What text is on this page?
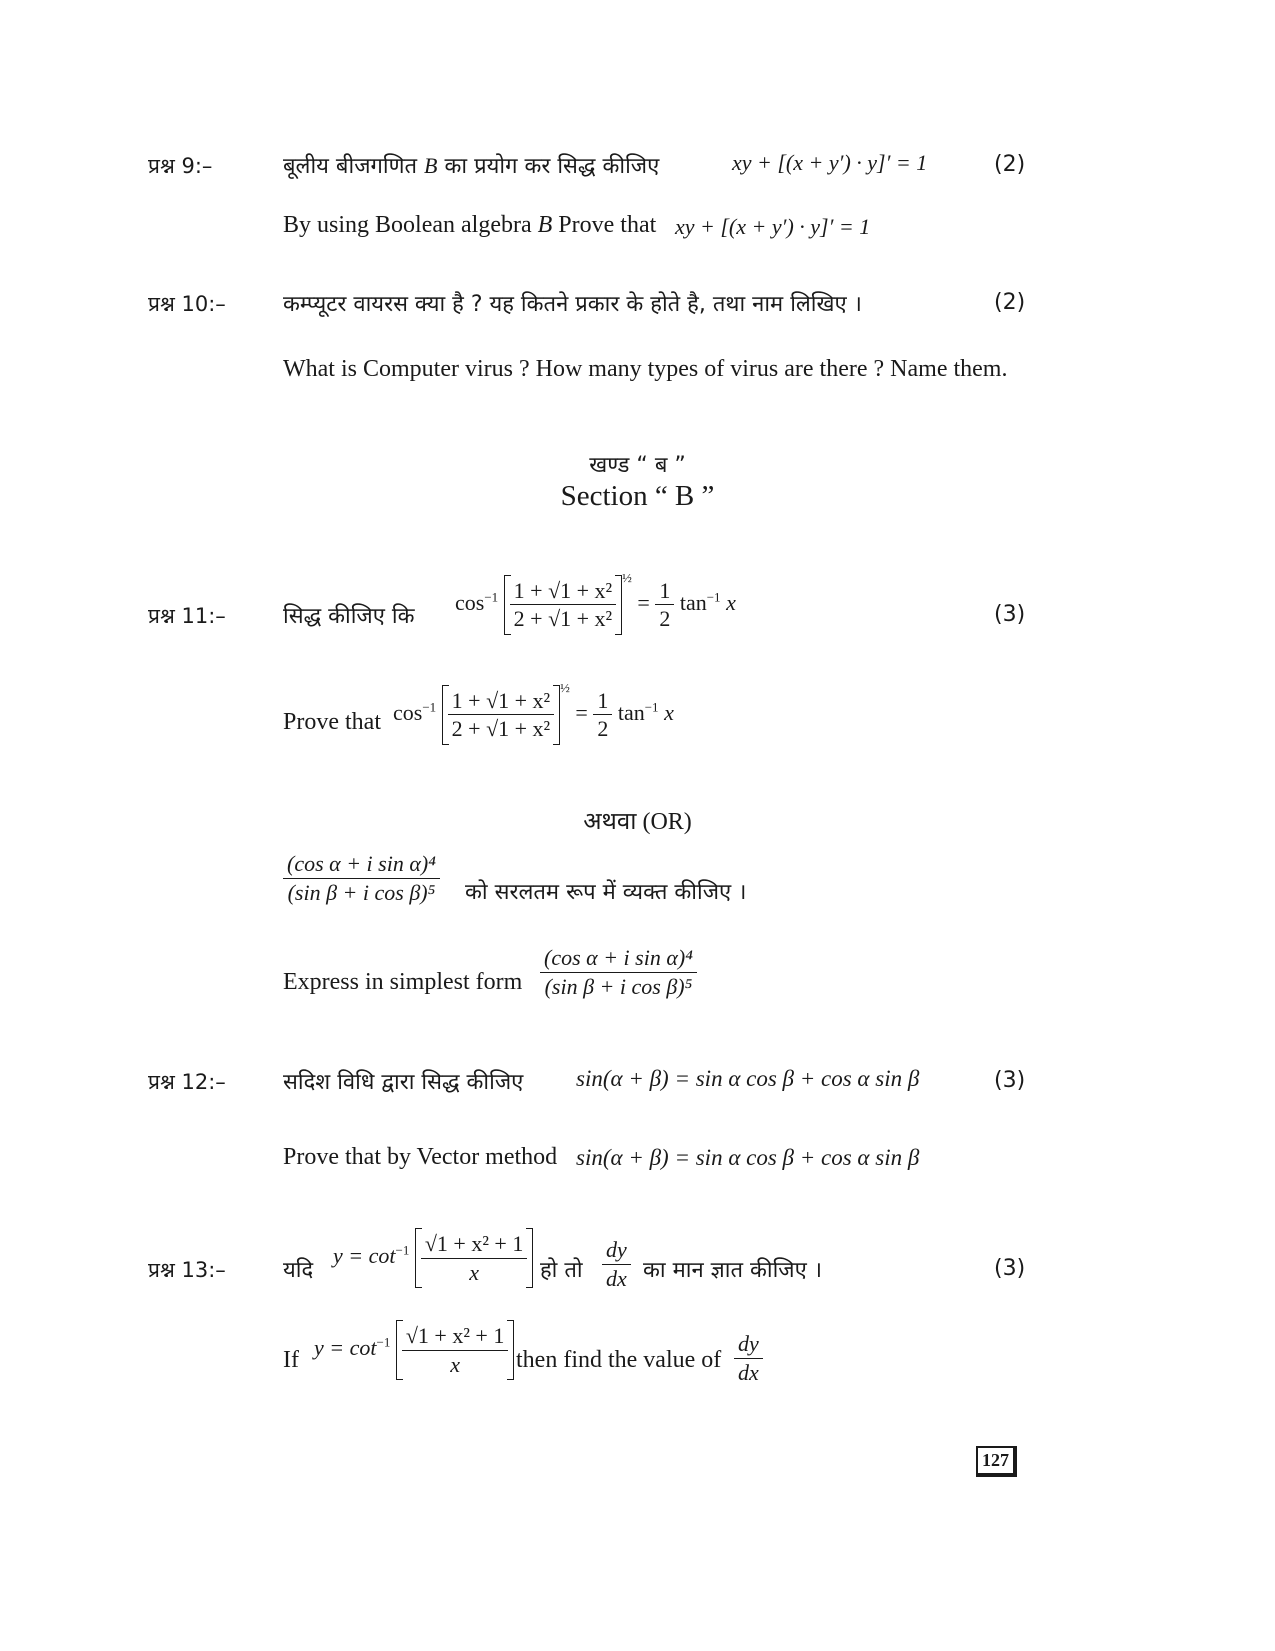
प्रश्न 9:–	बूलीय बीजगणित B का प्रयोग कर सिद्ध कीजिए	xy + [(x + y′) · y]′ = 1	(2)
By using Boolean algebra B Prove that xy + [(x + y′) · y]′ = 1
प्रश्न 10:–	कम्प्यूटर वायरस क्या है ? यह कितने प्रकार के होते है, तथा नाम लिखिए ।	(2)
What is Computer virus ? How many types of virus are there ? Name them.
खण्ड “ ब ”
Section “ B ”
प्रश्न 11:–	सिद्ध कीजिए कि
$\cos^{-1} \frac{\text{1 + √1 + x²}}{\text{2 + √1 + x²}} ^{\frac{1}{2}} = \frac{1}{2} \tan^{-1} x$	(3)
Prove that $\cos^{-1} \frac{\text{1 + √1 + x²}}{\text{2 + √1 + x²}} ^{\frac{1}{2}} = \frac{1}{2} \tan^{-1} x$
अथवा (OR)
$\frac{\text{(cos α + i sin α)⁴}}{\text{(sin β + i cos β)⁵}}$ को सरलतम रूप में व्यक्त कीजिए ।
Express in simplest form $\frac{\text{(cos α + i sin α)⁴}}{\text{(sin β + i cos β)⁵}}$
प्रश्न 12:–	सदिश विधि द्वारा सिद्ध कीजिए sin(α + β) = sin α cos β + cos α sin β	(3)
Prove that by Vector method sin(α + β) = sin α cos β + cos α sin β
प्रश्न 13:–	यदि
$y = \cot^{-1} \frac{\text{√1 + x² + 1}}{x}$ हो तो $\frac{dy}{dx}$ का मान ज्ञात कीजिए ।	(3)
If $y = \cot^{-1} \frac{\text{√1 + x² + 1}}{x}$ then find the value of $\frac{dy}{dx}$
127
